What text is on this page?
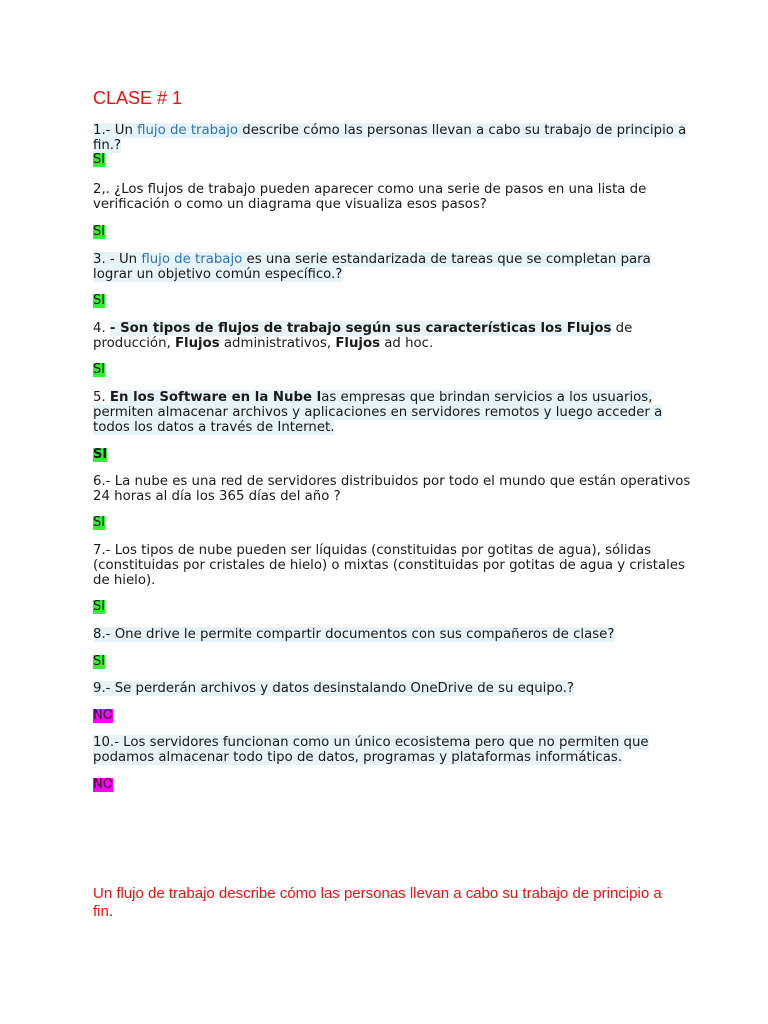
CLASE # 1
1.- Un flujo de trabajo describe cómo las personas llevan a cabo su trabajo de principio a fin.?
SI
2,. ¿Los flujos de trabajo pueden aparecer como una serie de pasos en una lista de verificación o como un diagrama que visualiza esos pasos?
SI
3. - Un flujo de trabajo es una serie estandarizada de tareas que se completan para lograr un objetivo común específico.?
SI
4. - Son tipos de flujos de trabajo según sus características los Flujos de producción, Flujos administrativos, Flujos ad hoc.
SI
5. En los Software en la Nube las empresas que brindan servicios a los usuarios, permiten almacenar archivos y aplicaciones en servidores remotos y luego acceder a todos los datos a través de Internet.
SI
6.- La nube es una red de servidores distribuidos por todo el mundo que están operativos 24 horas al día los 365 días del año ?
SI
7.- Los tipos de nube pueden ser líquidas (constituidas por gotitas de agua), sólidas (constituidas por cristales de hielo) o mixtas (constituidas por gotitas de agua y cristales de hielo).
SI
8.- One drive le permite compartir documentos con sus compañeros de clase?
SI
9.- Se perderán archivos y datos desinstalando OneDrive de su equipo.?
NO
10.- Los servidores funcionan como un único ecosistema pero que no permiten que podamos almacenar todo tipo de datos, programas y plataformas informáticas.
NO
Un flujo de trabajo describe cómo las personas llevan a cabo su trabajo de principio a fin.
